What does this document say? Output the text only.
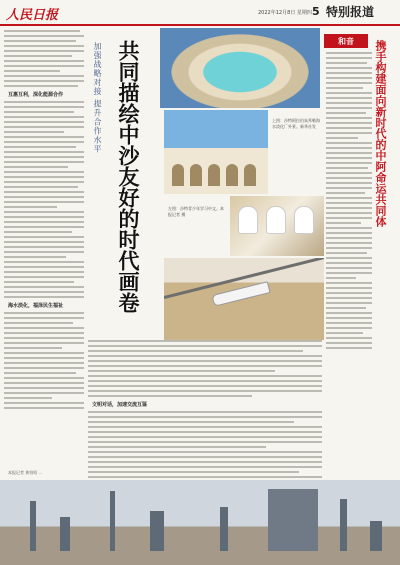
人民日报	2022年12月8日 星期四 5 特别报道
互惠互利，深化能源合作
海水淡化，福泽民生福祉
加强战略对接 提升合作水平 共同描绘中沙友好的时代画卷
文明对话，加速交流互鉴
上图：沙特阿拉伯朱拜勒海水淡化厂外景。新华社发
左图：沙特青少年学习中文。本报记者 摄
和音	携手构建面向新时代的中阿命运共同体
本报记者 黄培昭 ...
